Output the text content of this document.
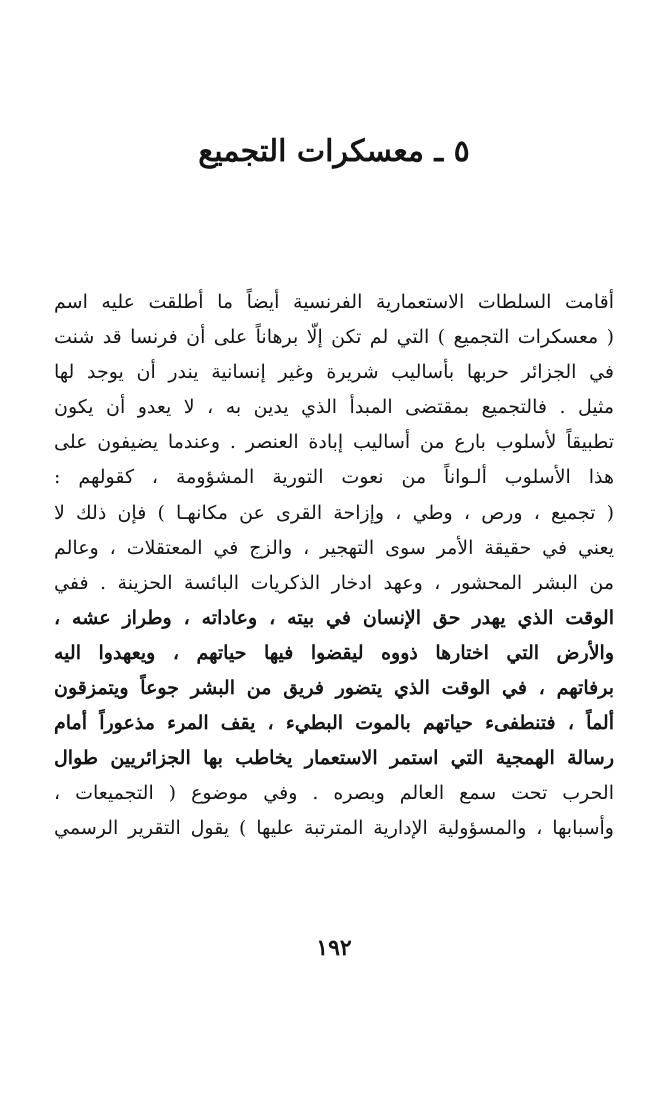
٥ ـ معسكرات التجميع
أقامت السلطات الاستعمارية الفرنسية أيضاً ما أطلقت عليه اسم
( معسكرات التجميع ) التي لم تكن إلّا برهاناً على أن فرنسا قد شنت
في الجزائر حربها بأساليب شريرة وغير إنسانية يندر أن يوجد لها
مثيل . فالتجميع بمقتضى المبدأ الذي يدين به ، لا يعدو أن يكون
تطبيقاً لأسلوب بارع من أساليب إبادة العنصر . وعندما يضيفون على
هذا الأسلوب ألـواناً من نعوت التورية المشؤومة ، كقولهم :
( تجميع ، ورص ، وطي ، وإزاحة القرى عن مكانهـا ) فإن ذلك لا
يعني في حقيقة الأمر سوى التهجير ، والزج في المعتقلات ، وعالم
من البشر المحشور ، وعهد ادخار الذكريات البائسة الحزينة . ففي
الوقت الذي يهدر حق الإنسان في بيته ، وعاداته ، وطراز عشه ،
والأرض التي اختارها ذووه ليقضوا فيها حياتهم ، ويعهدوا اليه
برفاتهم ، في الوقت الذي يتضور فريق من البشر جوعاً ويتمزقون
ألماً ، فتنطفىء حياتهم بالموت البطيء ، يقف المرء مذعوراً أمام
رسالة الهمجية التي استمر الاستعمار يخاطب بها الجزائريين طوال
الحرب تحت سمع العالم وبصره . وفي موضوع ( التجميعات ،
وأسبابها ، والمسؤولية الإدارية المترتبة عليها ) يقول التقرير الرسمي
١٩٢
